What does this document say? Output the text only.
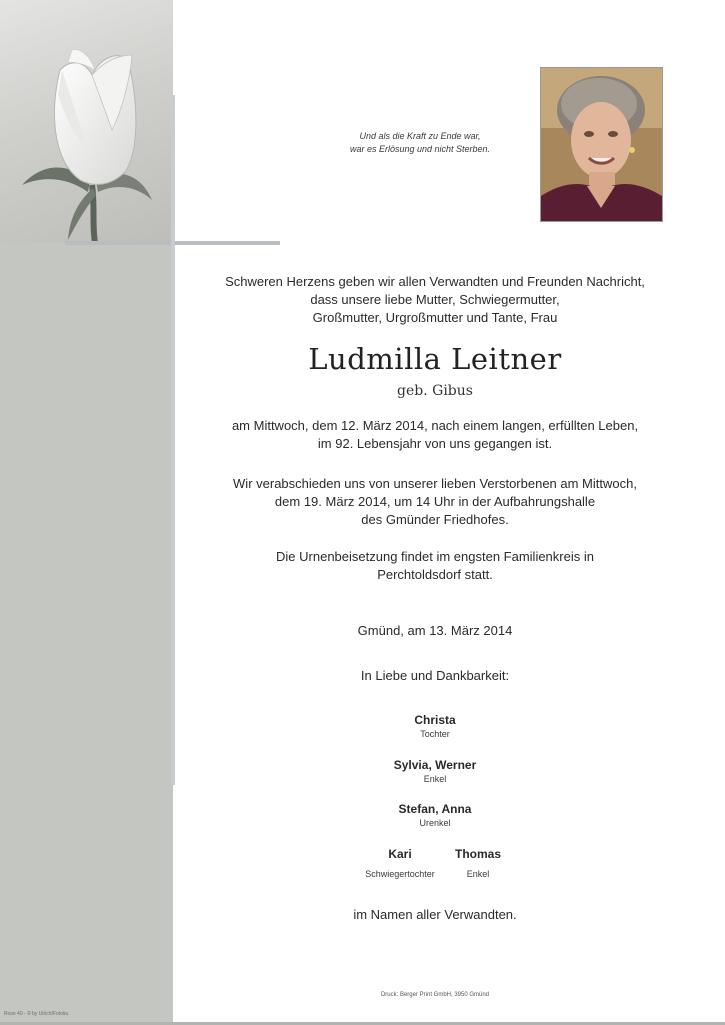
Und als die Kraft zu Ende war,
war es Erlösung und nicht Sterben.
Schweren Herzens geben wir allen Verwandten und Freunden Nachricht,
dass unsere liebe Mutter, Schwiegermutter,
Großmutter, Urgroßmutter und Tante, Frau
Ludmilla Leitner
geb. Gibus
am Mittwoch, dem 12. März 2014, nach einem langen, erfüllten Leben,
im 92. Lebensjahr von uns gegangen ist.
Wir verabschieden uns von unserer lieben Verstorbenen am Mittwoch,
dem 19. März 2014, um 14 Uhr in der Aufbahrungshalle
des Gmünder Friedhofes.
Die Urnenbeisetzung findet im engsten Familienkreis in
Perchtoldsdorf statt.
Gmünd, am 13. März 2014
In Liebe und Dankbarkeit:
Christa
Tochter
Sylvia, Werner
Enkel
Stefan, Anna
Urenkel
Kari
Schwiegertochter
Thomas
Enkel
im Namen aller Verwandten.
Druck: Berger Print GmbH, 3950 Gmünd
Rose 40 - © by Ulrich/Fotolia
